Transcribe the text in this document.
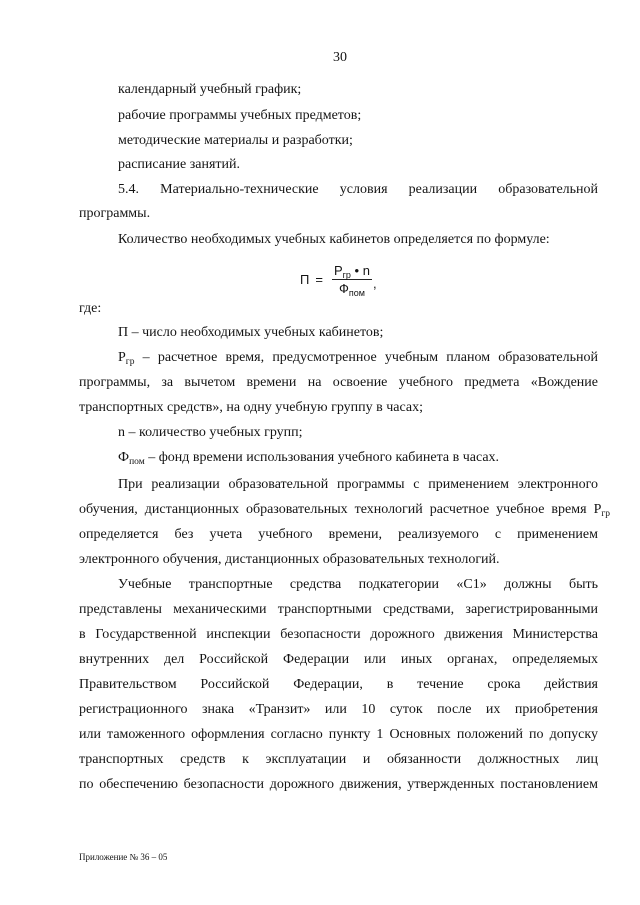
30
календарный учебный график;
рабочие программы учебных предметов;
методические материалы и разработки;
расписание занятий.
5.4. Материально-технические условия реализации образовательной
программы.
Количество необходимых учебных кабинетов определяется по формуле:
$П = \frac{Р_{гр} • n}{Ф_{пом}}$ ,
где:
П – число необходимых учебных кабинетов;
$Р_{гр}$ – расчетное время, предусмотренное учебным планом образовательной
программы, за вычетом времени на освоение учебного предмета «Вождение
транспортных средств», на одну учебную группу в часах;
n – количество учебных групп;
$Ф_{пом}$ – фонд времени использования учебного кабинета в часах.
При реализации образовательной программы с применением электронного
обучения, дистанционных образовательных технологий расчетное учебное время $Р_{гр}$
определяется без учета учебного времени, реализуемого с применением
электронного обучения, дистанционных образовательных технологий.
Учебные транспортные средства подкатегории «С1» должны быть
представлены механическими транспортными средствами, зарегистрированными
в Государственной инспекции безопасности дорожного движения Министерства
внутренних дел Российской Федерации или иных органах, определяемых
Правительством Российской Федерации, в течение срока действия
регистрационного знака «Транзит» или 10 суток после их приобретения
или таможенного оформления согласно пункту 1 Основных положений по допуску
транспортных средств к эксплуатации и обязанности должностных лиц
по обеспечению безопасности дорожного движения, утвержденных постановлением
Приложение № 36 – 05
